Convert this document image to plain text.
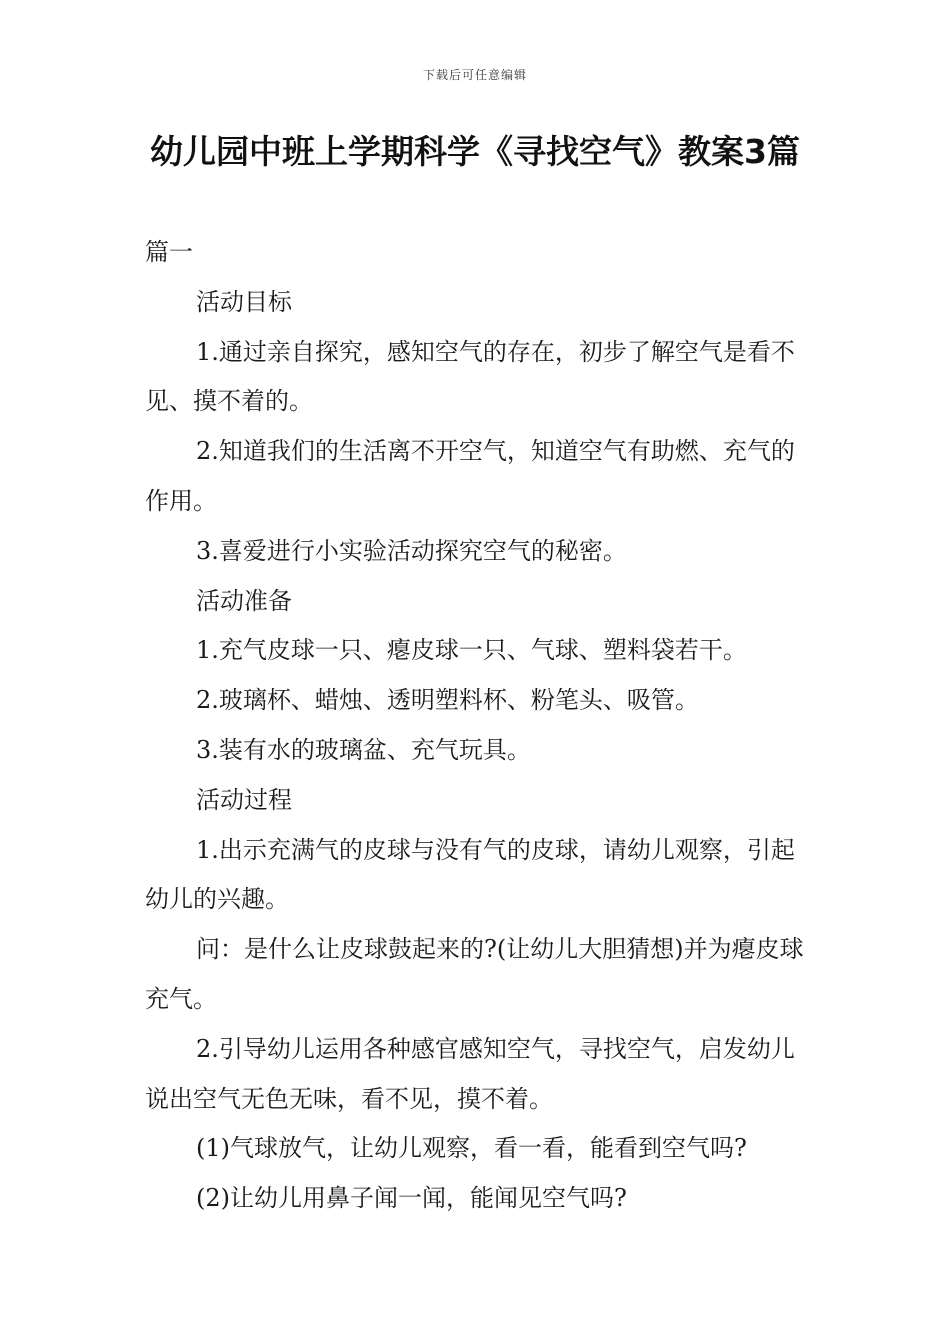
下载后可任意编辑
幼儿园中班上学期科学《寻找空气》教案3篇

篇一

活动目标

1.通过亲自探究，感知空气的存在，初步了解空气是看不见、摸不着的。

2.知道我们的生活离不开空气，知道空气有助燃、充气的作用。

3.喜爱进行小实验活动探究空气的秘密。

活动准备

1.充气皮球一只、瘪皮球一只、气球、塑料袋若干。

2.玻璃杯、蜡烛、透明塑料杯、粉笔头、吸管。

3.装有水的玻璃盆、充气玩具。

活动过程

1.出示充满气的皮球与没有气的皮球，请幼儿观察，引起幼儿的兴趣。

问：是什么让皮球鼓起来的?(让幼儿大胆猜想)并为瘪皮球充气。

2.引导幼儿运用各种感官感知空气，寻找空气，启发幼儿说出空气无色无味，看不见，摸不着。

(1)气球放气，让幼儿观察，看一看，能看到空气吗?

(2)让幼儿用鼻子闻一闻，能闻见空气吗?
